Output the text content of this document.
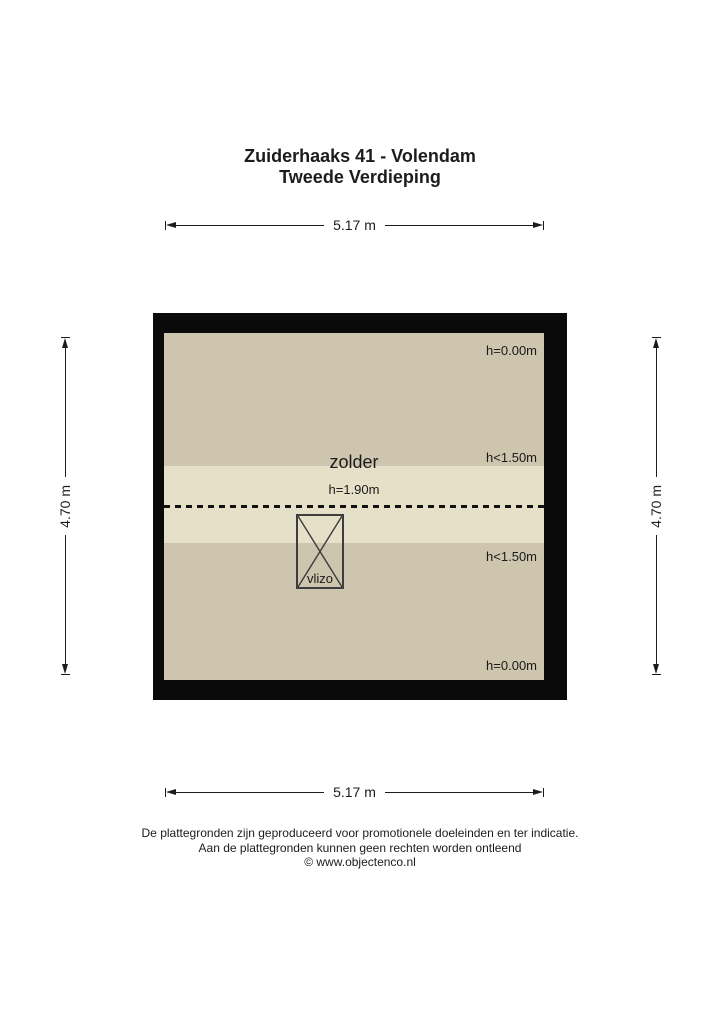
Zuiderhaaks 41 - Volendam
Tweede Verdieping
5.17 m
4.70 m	4.70 m
h=0.00m
h<1.50m
h<1.50m
h=0.00m
zolder
h=1.90m
vlizo
5.17 m
De plattegronden zijn geproduceerd voor promotionele doeleinden en ter indicatie.
Aan de plattegronden kunnen geen rechten worden ontleend
© www.objectenco.nl
